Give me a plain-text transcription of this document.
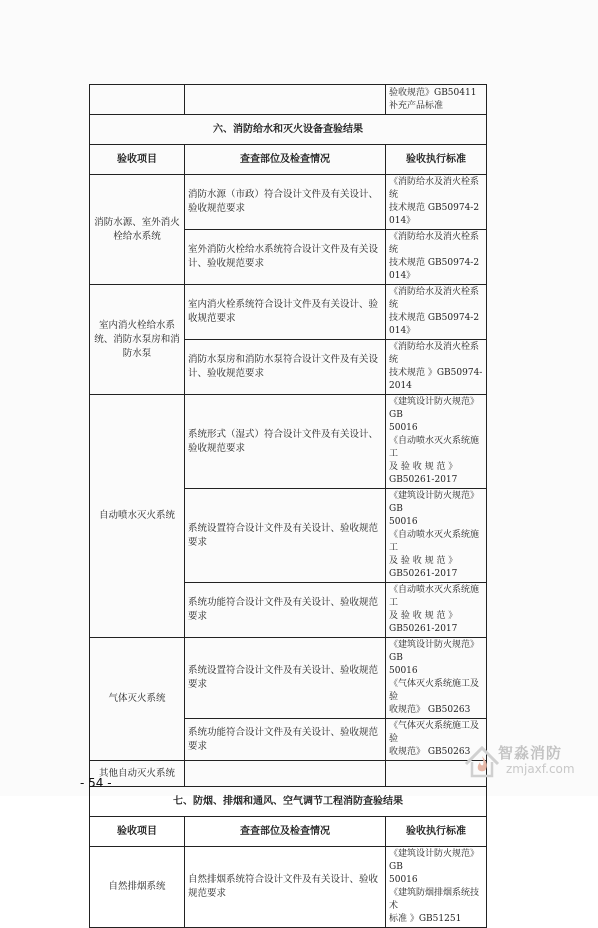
		验收规范》GB50411
补充产品标准

六、消防给水和灭火设备查验结果		
验收项目	查查部位及检查情况	验收执行标准
消防水源、室外消火栓给水系统	消防水源（市政）符合设计文件及有关设计、验收规范要求	《消防给水及消火栓系统
技术规范 GB50974-2014》

	室外消防火栓给水系统符合设计文件及有关设计、验收规范要求	《消防给水及消火栓系统
技术规范 GB50974-2014》

室内消火栓给水系统、消防水泵房和消防水泵	室内消火栓系统符合设计文件及有关设计、验收规范要求	《消防给水及消火栓系统
技术规范 GB50974-2014》

	消防水泵房和消防水泵符合设计文件及有关设计、验收规范要求	《消防给水及消火栓系统
技术规范 》GB50974-2014

自动喷水灭火系统	系统形式（湿式）符合设计文件及有关设计、验收规范要求	《建筑设计防火规范》GB
50016
《自动喷水灭火系统施工
及 验 收 规 范 》
GB50261-2017

	系统设置符合设计文件及有关设计、验收规范要求	《建筑设计防火规范》GB
50016
《自动喷水灭火系统施工
及 验 收 规 范 》
GB50261-2017

	系统功能符合设计文件及有关设计、验收规范要求	《自动喷水灭火系统施工
及 验 收 规 范 》
GB50261-2017

气体灭火系统	系统设置符合设计文件及有关设计、验收规范要求	《建筑设计防火规范》GB
50016
《气体灭火系统施工及验
收规范》 GB50263

	系统功能符合设计文件及有关设计、验收规范要求	《气体灭火系统施工及验
收规范》 GB50263

其他自动灭火系统		
七、防烟、排烟和通风、空气调节工程消防查验结果		
验收项目	查查部位及检查情况	验收执行标准
自然排烟系统	自然排烟系统符合设计文件及有关设计、验收规范要求	《建筑设计防火规范》GB
50016
《建筑防烟排烟系统技术
标准 》GB51251
- 54 -
智淼消防
zmjaxf.com
